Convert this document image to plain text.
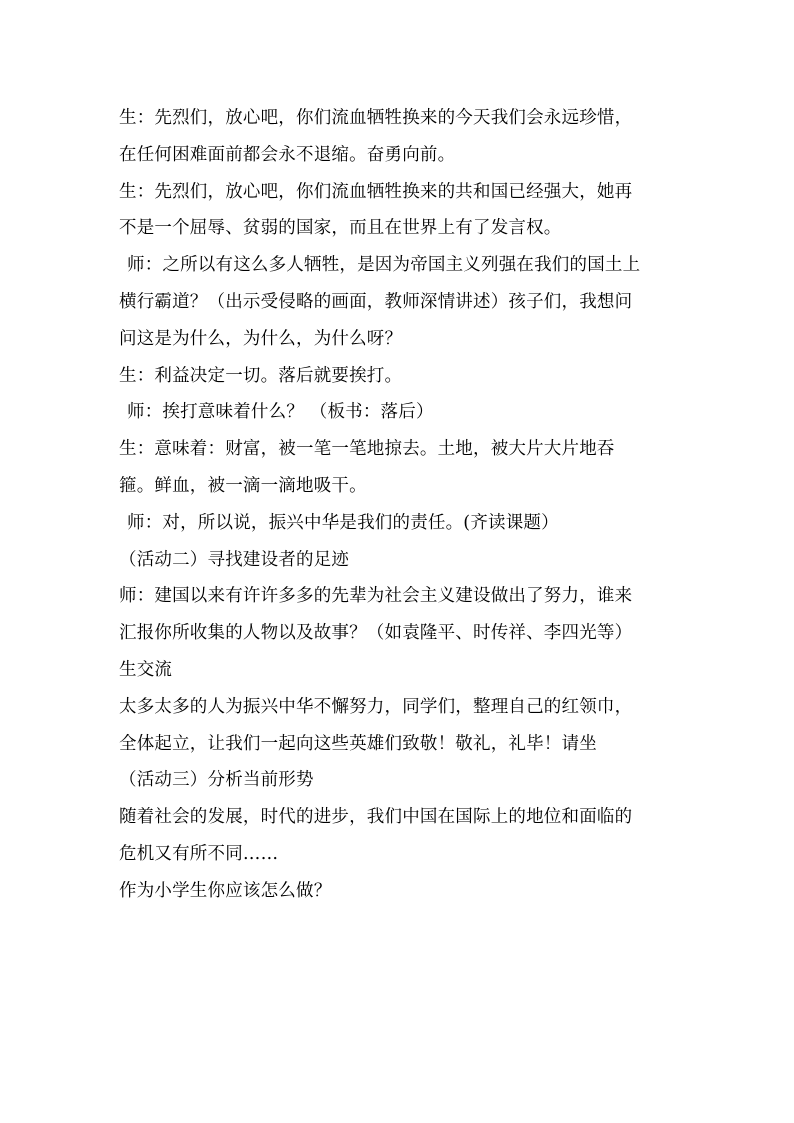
生：先烈们，放心吧，你们流血牺牲换来的今天我们会永远珍惜，
在任何困难面前都会永不退缩。奋勇向前。
生：先烈们，放心吧，你们流血牺牲换来的共和国已经强大，她再
不是一个屈辱、贫弱的国家，而且在世界上有了发言权。
师：之所以有这么多人牺牲，是因为帝国主义列强在我们的国土上
横行霸道？（出示受侵略的画面，教师深情讲述）孩子们，我想问
问这是为什么，为什么，为什么呀？
生：利益决定一切。落后就要挨打。
师：挨打意味着什么？ （板书：落后）
生：意味着：财富，被一笔一笔地掠去。土地，被大片大片地吞
箍。鲜血，被一滴一滴地吸干。
师：对，所以说，振兴中华是我们的责任。(齐读课题）
（活动二）寻找建设者的足迹
师：建国以来有许许多多的先辈为社会主义建设做出了努力，谁来
汇报你所收集的人物以及故事？（如袁隆平、时传祥、李四光等）
生交流
太多太多的人为振兴中华不懈努力，同学们，整理自己的红领巾，
全体起立，让我们一起向这些英雄们致敬！敬礼，礼毕！请坐
（活动三）分析当前形势
随着社会的发展，时代的进步，我们中国在国际上的地位和面临的
危机又有所不同……
作为小学生你应该怎么做？
